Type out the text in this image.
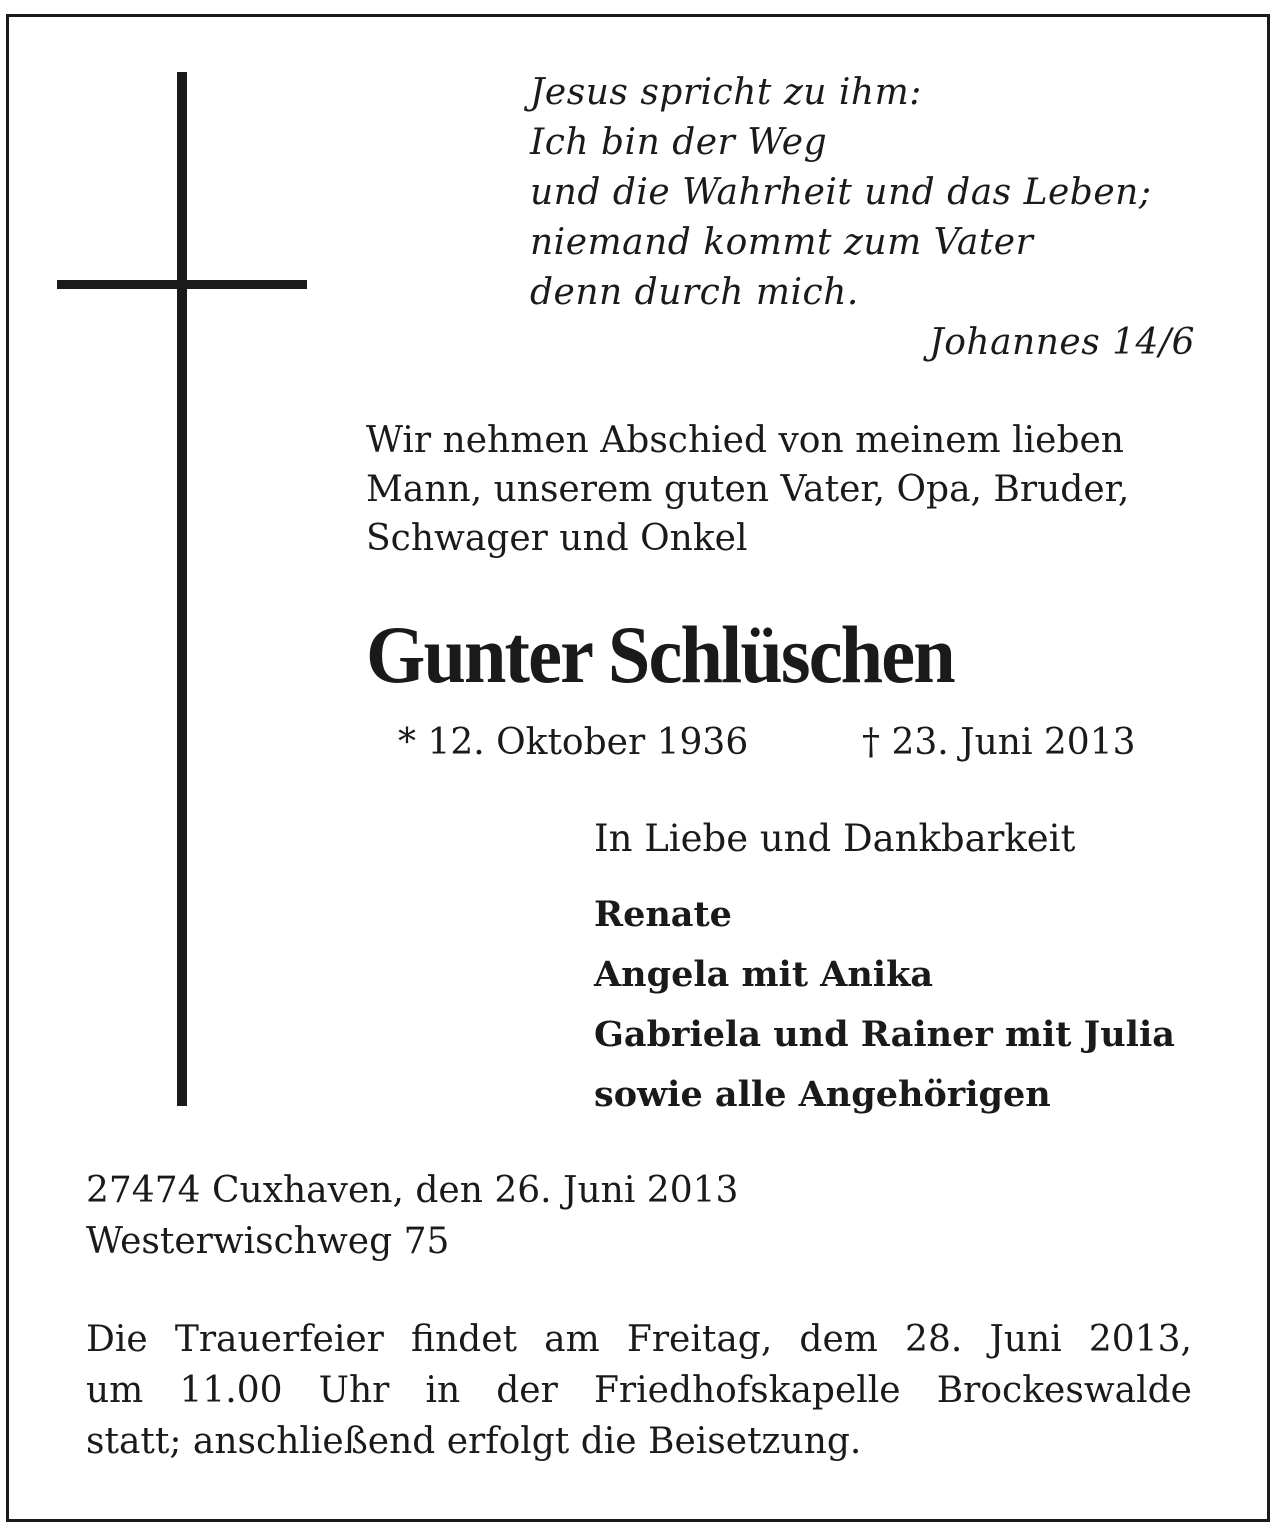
Jesus spricht zu ihm:
Ich bin der Weg
und die Wahrheit und das Leben;
niemand kommt zum Vater
denn durch mich.
Johannes 14/6
Wir nehmen Abschied von meinem lieben
Mann, unserem guten Vater, Opa, Bruder,
Schwager und Onkel
Gunter Schlüschen
* 12. Oktober 1936	† 23. Juni 2013
In Liebe und Dankbarkeit
Renate
Angela mit Anika
Gabriela und Rainer mit Julia
sowie alle Angehörigen
27474 Cuxhaven, den 26. Juni 2013
Westerwischweg 75
Die Trauerfeier findet am Freitag, dem 28. Juni 2013,
um 11.00 Uhr in der Friedhofskapelle Brockeswalde
statt; anschließend erfolgt die Beisetzung.
